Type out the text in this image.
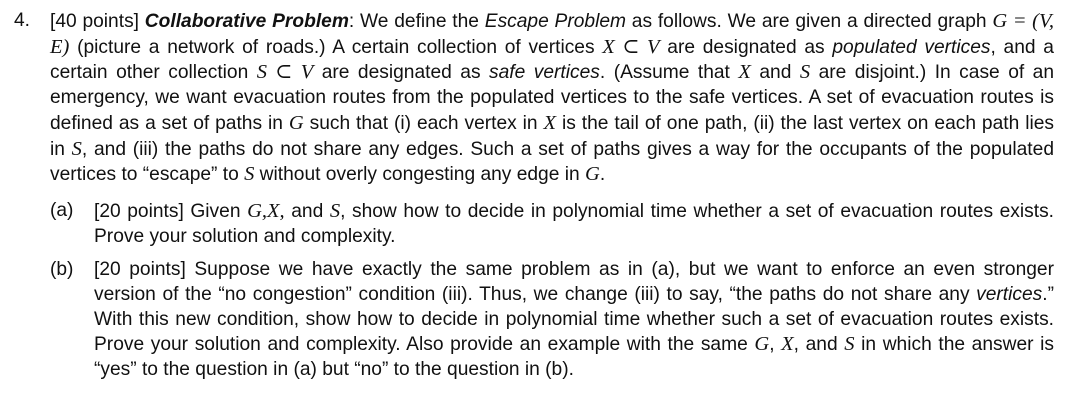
4. [40 points] Collaborative Problem: We define the Escape Problem as follows. We are given a directed graph G = (V, E) (picture a network of roads.) A certain collection of vertices X ⊂ V are designated as populated vertices, and a certain other collection S ⊂ V are designated as safe vertices. (Assume that X and S are disjoint.) In case of an emergency, we want evacuation routes from the populated vertices to the safe vertices. A set of evacuation routes is defined as a set of paths in G such that (i) each vertex in X is the tail of one path, (ii) the last vertex on each path lies in S, and (iii) the paths do not share any edges. Such a set of paths gives a way for the occupants of the populated vertices to “escape” to S without overly congesting any edge in G.
(a) [20 points] Given G,X, and S, show how to decide in polynomial time whether a set of evacuation routes exists. Prove your solution and complexity.
(b) [20 points] Suppose we have exactly the same problem as in (a), but we want to enforce an even stronger version of the “no congestion” condition (iii). Thus, we change (iii) to say, “the paths do not share any vertices.” With this new condition, show how to decide in polynomial time whether such a set of evacuation routes exists. Prove your solution and complexity. Also provide an example with the same G, X, and S in which the answer is “yes” to the question in (a) but “no” to the question in (b).
